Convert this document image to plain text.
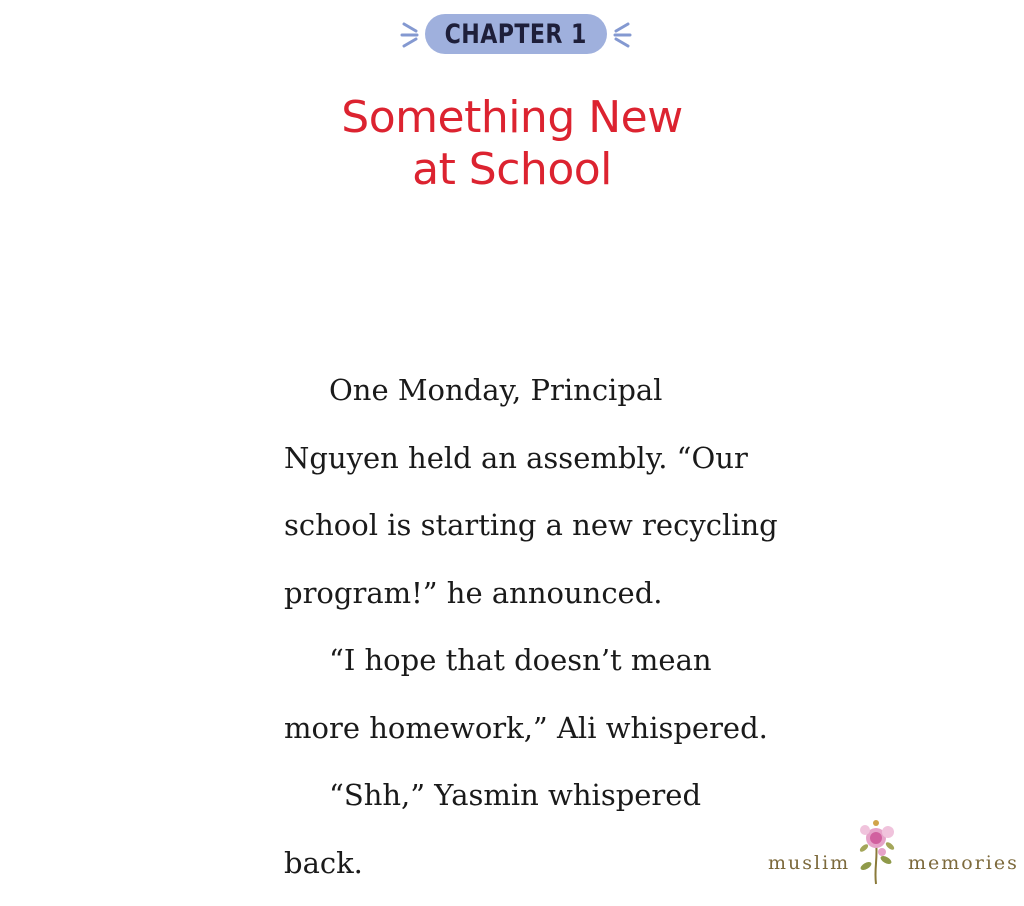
CHAPTER 1
Something New
at School
One Monday, Principal
Nguyen held an assembly. “Our
school is starting a new recycling
program!” he announced.
“I hope that doesn’t mean
more homework,” Ali whispered.
“Shh,” Yasmin whispered
back.	muslim	memories
